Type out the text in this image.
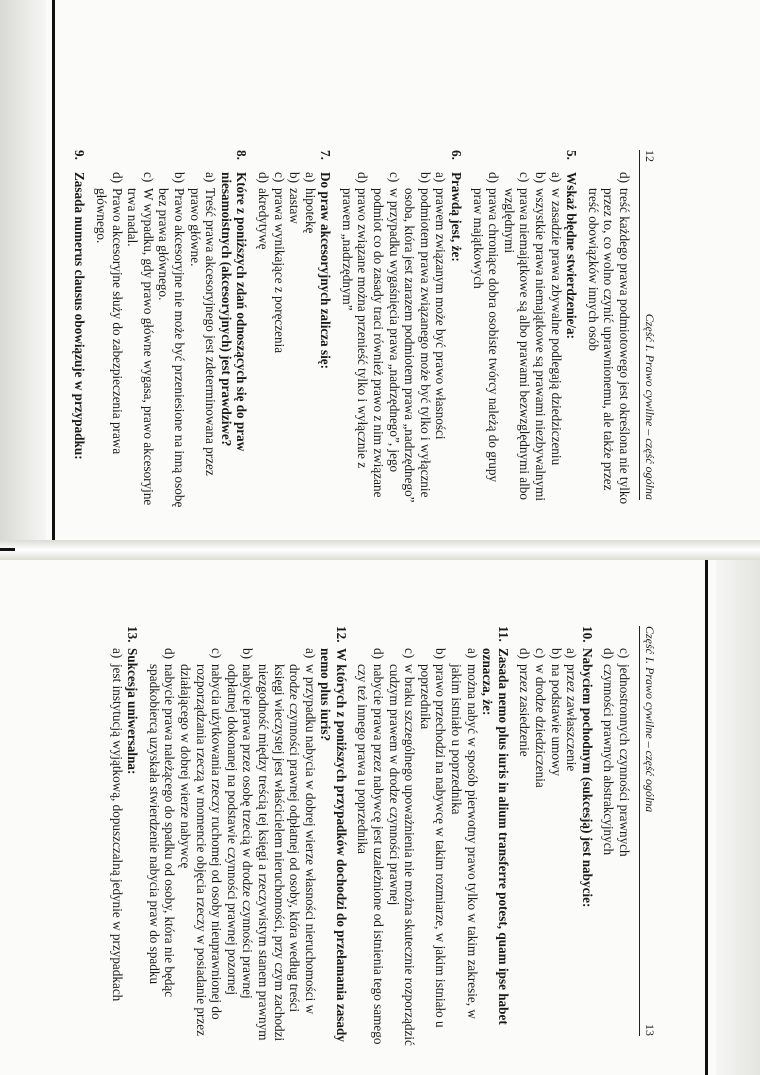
12
Część I. Prawo cywilne – część ogólna
d)
treść każdego prawa podmiotowego jest określona nie tylko przez to, co wolno czynić uprawnionemu, ale także przez treść obowiązków innych osób
5.
Wskaż błędne stwierdzenie/a:
a)
w zasadzie prawa zbywalne podlegają dziedziczeniu
b)
wszystkie prawa niemajątkowe są prawami niezbywalnymi
c)
prawa niemajątkowe są albo prawami bezwzględnymi albo względnymi
d)
prawa chroniące dobra osobiste twórcy należą do grupy praw majątkowych
6.
Prawdą jest, że:
a)
prawem związanym może być prawo własności
b)
podmiotem prawa związanego może być tylko i wyłącznie osoba, która jest zarazem podmiotem prawa „nadrzędnego”
c)
w przypadku wygaśnięcia prawa „nadrzędnego”, jego podmiot co do zasady traci również prawo z nim związane
d)
prawo związane można przenieść tylko i wyłącznie z prawem „nadrzędnym”
7.
Do praw akcesoryjnych zalicza się:
a)
hipotekę
b)
zastaw
c)
prawa wynikające z poręczenia
d)
akredytywę
8.
Które z poniższych zdań odnoszących się do praw niesamoistnych (akcesoryjnych) jest prawdziwe?
a)
Treść prawa akcesoryjnego jest zdeterminowana przez prawo główne.
b)
Prawo akcesoryjne nie może być przeniesione na inną osobę bez prawa głównego.
c)
W wypadku, gdy prawo główne wygasa, prawo akcesoryjne trwa nadal.
d)
Prawo akcesoryjne służy do zabezpieczenia prawa głównego.
9.
Zasada numerus clausus obowiązuje w przypadku:
Część I. Prawo cywilne – część ogólna
13
c)
jednostronnych czynności prawnych
d)
czynności prawnych abstrakcyjnych
10.
Nabyciem pochodnym (sukcesją) jest nabycie:
a)
przez zawłaszczenie
b)
na podstawie umowy
c)
w drodze dziedziczenia
d)
przez zasiedzenie
11.
Zasada nemo plus iuris in alium transferre potest, quam ipse habet oznacza, że:
a)
można nabyć w sposób pierwotny prawo tylko w takim zakresie, w jakim istniało u poprzednika
b)
prawo przechodzi na nabywcę w takim rozmiarze, w jakim istniało u poprzednika
c)
w braku szczególnego upoważnienia nie można skutecznie rozporządzić cudzym prawem w drodze czynności prawnej
d)
nabycie prawa przez nabywcę jest uzależnione od istnienia tego samego czy też innego prawa u poprzednika
12.
W których z poniższych przypadków dochodzi do przełamania zasady nemo plus iuris?
a)
w przypadku nabycia w dobrej wierze własności nieruchomości w drodze czynności prawnej odpłatnej od osoby, która według treści księgi wieczystej jest właścicielem nieruchomości, przy czym zachodzi niezgodność między treścią tej księgi a rzeczywistym stanem prawnym
b)
nabycie prawa przez osobę trzecią w drodze czynności prawnej odpłatnej dokonanej na podstawie czynności prawnej pozornej
c)
nabycia użytkowania rzeczy ruchomej od osoby nieuprawnionej do rozporządzania rzeczą w momencie objęcia rzeczy w posiadanie przez działającego w dobrej wierze nabywcę
d)
nabycie prawa należącego do spadku od osoby, która nie będąc spadkobiercą uzyskała stwierdzenie nabycia praw do spadku
13.
Sukcesja uniwersalna:
a)
jest instytucją wyjątkową, dopuszczalną jedynie w przypadkach
